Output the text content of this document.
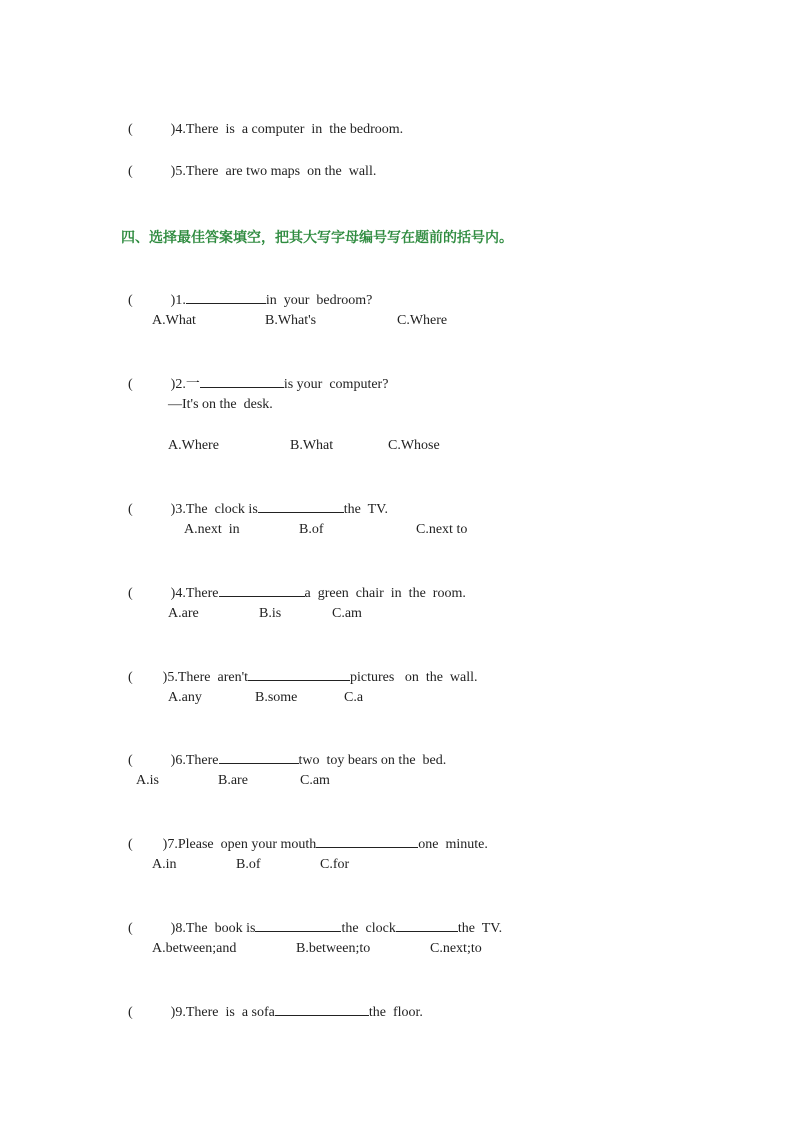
(	)4.There  is  a computer  in  the bedroom.

(	)5.There  are two maps  on the  wall.

四、选择最佳答案填空，把其大写字母编号写在题前的括号内。

(	)1.	in  your  bedroom?

A.What	B.What's	C.Where

(	)2.一	is your  computer?

—It's on the  desk.
A.Where	B.What	C.Whose

(	)3.The  clock is	the  TV.

A.next  in	B.of	C.next to

(	)4.There	a  green  chair  in  the  room.

A.are	B.is	C.am

( )5.There  aren't	pictures   on  the  wall.

A.any	B.some	C.a

(	)6.There	two  toy bears on the  bed.

A.is	B.are	C.am

( )7.Please  open your mouth	one  minute.

A.in	B.of	C.for

(	)8.The  book is	the  clock	the  TV.

A.between;and	B.between;to	C.next;to

(	)9.There  is  a sofa	the  floor.
